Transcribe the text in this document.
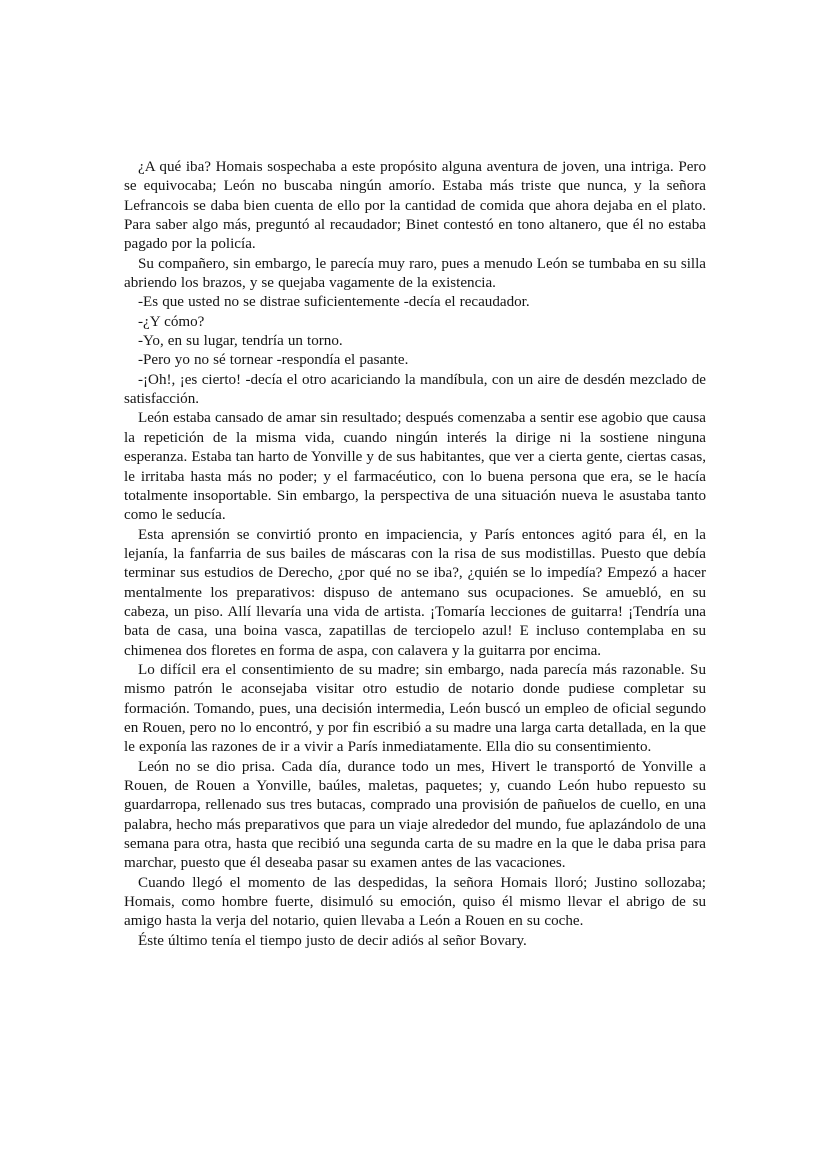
¿A qué iba? Homais sospechaba a este propósito alguna aventura de joven, una intriga. Pero se equivocaba; León no buscaba ningún amorío. Estaba más triste que nunca, y la señora Lefrancois se daba bien cuenta de ello por la cantidad de comida que ahora dejaba en el plato. Para saber algo más, preguntó al recaudador; Binet contestó en tono altanero, que él no estaba pagado por la policía.

Su compañero, sin embargo, le parecía muy raro, pues a menudo León se tumbaba en su silla abriendo los brazos, y se quejaba vagamente de la existencia.

-Es que usted no se distrae suficientemente -decía el recaudador.

-¿Y cómo?

-Yo, en su lugar, tendría un torno.

-Pero yo no sé tornear -respondía el pasante.

-¡Oh!, ¡es cierto! -decía el otro acariciando la mandíbula, con un aire de desdén mezclado de satisfacción.

León estaba cansado de amar sin resultado; después comenzaba a sentir ese agobio que causa la repetición de la misma vida, cuando ningún interés la dirige ni la sostiene ninguna esperanza. Estaba tan harto de Yonville y de sus habitantes, que ver a cierta gente, ciertas casas, le irritaba hasta más no poder; y el farmacéutico, con lo buena persona que era, se le hacía totalmente insoportable. Sin embargo, la perspectiva de una situación nueva le asustaba tanto como le seducía.

Esta aprensión se convirtió pronto en impaciencia, y París entonces agitó para él, en la lejanía, la fanfarria de sus bailes de máscaras con la risa de sus modistillas. Puesto que debía terminar sus estudios de Derecho, ¿por qué no se iba?, ¿quién se lo impedía? Empezó a hacer mentalmente los preparativos: dispuso de antemano sus ocupaciones. Se amuebló, en su cabeza, un piso. Allí llevaría una vida de artista. ¡Tomaría lecciones de guitarra! ¡Tendría una bata de casa, una boina vasca, zapatillas de terciopelo azul! E incluso contemplaba en su chimenea dos floretes en forma de aspa, con calavera y la guitarra por encima.

Lo difícil era el consentimiento de su madre; sin embargo, nada parecía más razonable. Su mismo patrón le aconsejaba visitar otro estudio de notario donde pudiese completar su formación. Tomando, pues, una decisión intermedia, León buscó un empleo de oficial segundo en Rouen, pero no lo encontró, y por fin escribió a su madre una larga carta detallada, en la que le exponía las razones de ir a vivir a París inmediatamente. Ella dio su consentimiento.

León no se dio prisa. Cada día, durance todo un mes, Hivert le transportó de Yonville a Rouen, de Rouen a Yonville, baúles, maletas, paquetes; y, cuando León hubo repuesto su guardarropa, rellenado sus tres butacas, comprado una provisión de pañuelos de cuello, en una palabra, hecho más preparativos que para un viaje alrededor del mundo, fue aplazándolo de una semana para otra, hasta que recibió una segunda carta de su madre en la que le daba prisa para marchar, puesto que él deseaba pasar su examen antes de las vacaciones.

Cuando llegó el momento de las despedidas, la señora Homais lloró; Justino sollozaba; Homais, como hombre fuerte, disimuló su emoción, quiso él mismo llevar el abrigo de su amigo hasta la verja del notario, quien llevaba a León a Rouen en su coche.

Éste último tenía el tiempo justo de decir adiós al señor Bovary.
